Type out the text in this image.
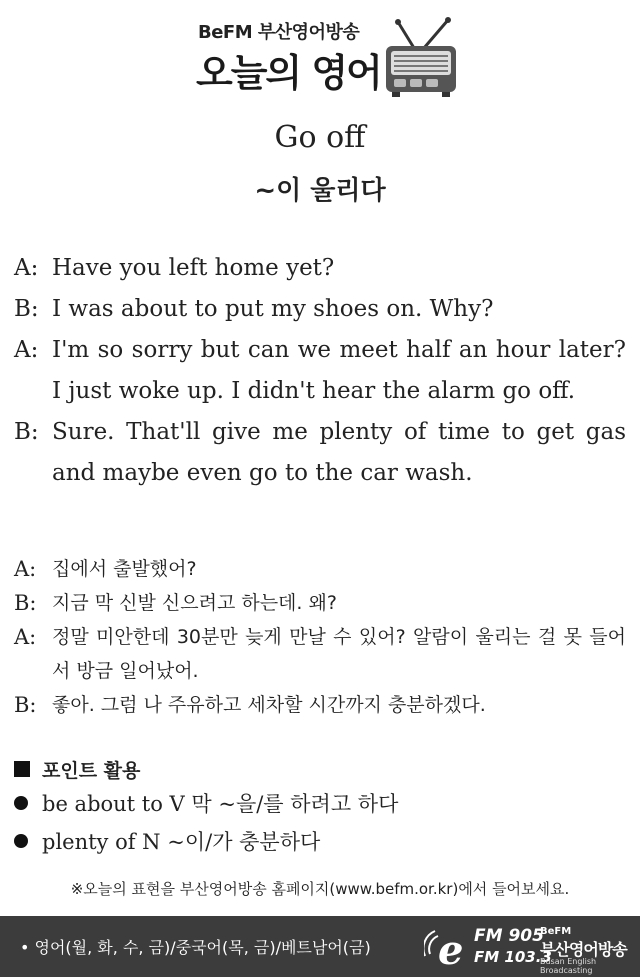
BeFM 부산영어방송
오늘의 영어
Go off
~이 울리다
A: Have you left home yet?
B: I was about to put my shoes on. Why?
A: I'm so sorry but can we meet half an hour later? I just woke up. I didn't hear the alarm go off.
B: Sure. That'll give me plenty of time to get gas and maybe even go to the car wash.
A: 집에서 출발했어?
B: 지금 막 신발 신으려고 하는데. 왜?
A: 정말 미안한데 30분만 늦게 만날 수 있어? 알람이 울리는 걸 못 들어서 방금 일어났어.
B: 좋아. 그럼 나 주유하고 세차할 시간까지 충분하겠다.
포인트 활용
be about to V 막 ~을/를 하려고 하다
plenty of N ~이/가 충분하다
※오늘의 표현을 부산영어방송 홈페이지(www.befm.or.kr)에서 들어보세요.
• 영어(월, 화, 수, 금)/중국어(목, 금)/베트남어(금) e FM 905
FM 103.3
BeFM
부산영어방송
Busan English Broadcasting
